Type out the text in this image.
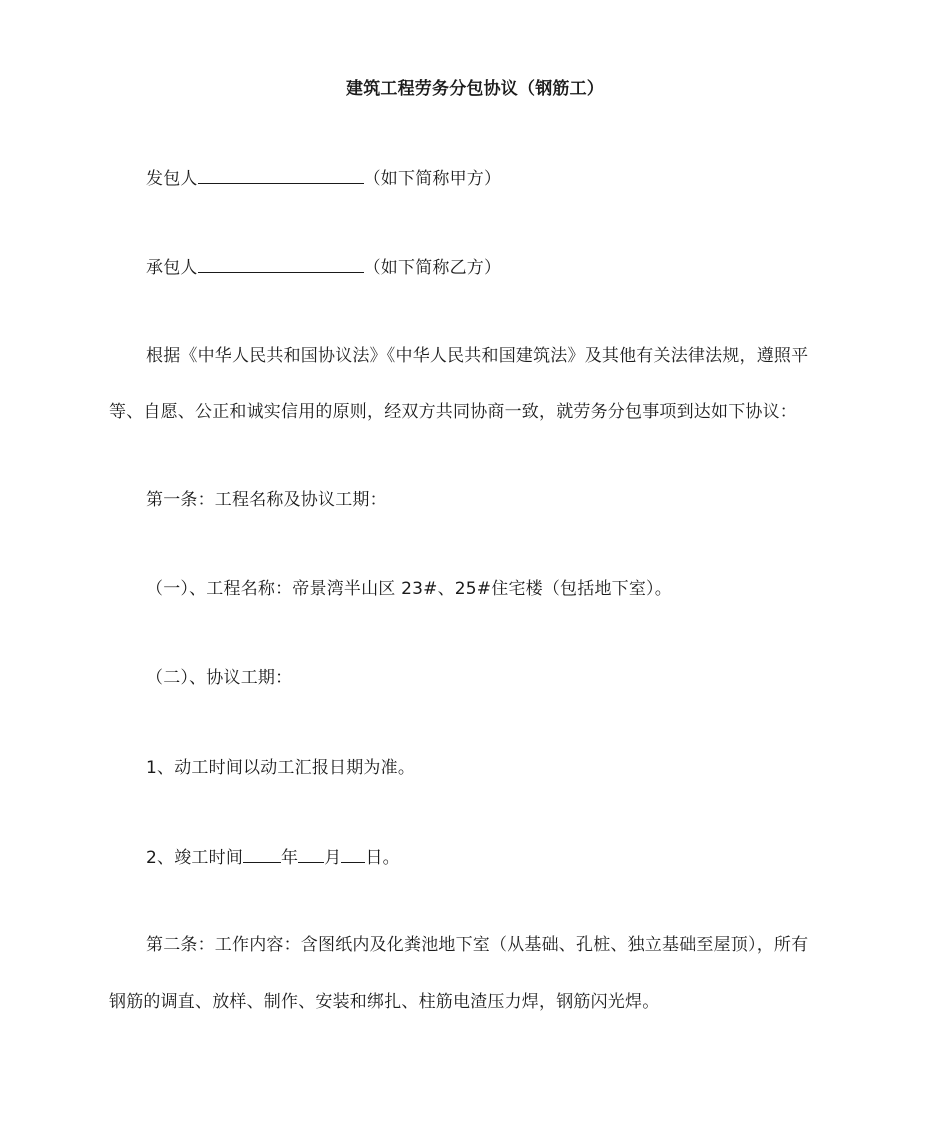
建筑工程劳务分包协议（钢筋工）
发包人	（如下简称甲方）
承包人	（如下简称乙方）
根据《中华人民共和国协议法》《中华人民共和国建筑法》及其他有关法律法规，遵照平
等、自愿、公正和诚实信用的原则，经双方共同协商一致，就劳务分包事项到达如下协议：
第一条：工程名称及协议工期：
（一）、工程名称：帝景湾半山区 23#、25#住宅楼（包括地下室）。
（二）、协议工期：
1、动工时间以动工汇报日期为准。
2、竣工时间 年 月 日。
第二条：工作内容：含图纸内及化粪池地下室（从基础、孔桩、独立基础至屋顶），所有
钢筋的调直、放样、制作、安装和绑扎、柱筋电渣压力焊，钢筋闪光焊。
